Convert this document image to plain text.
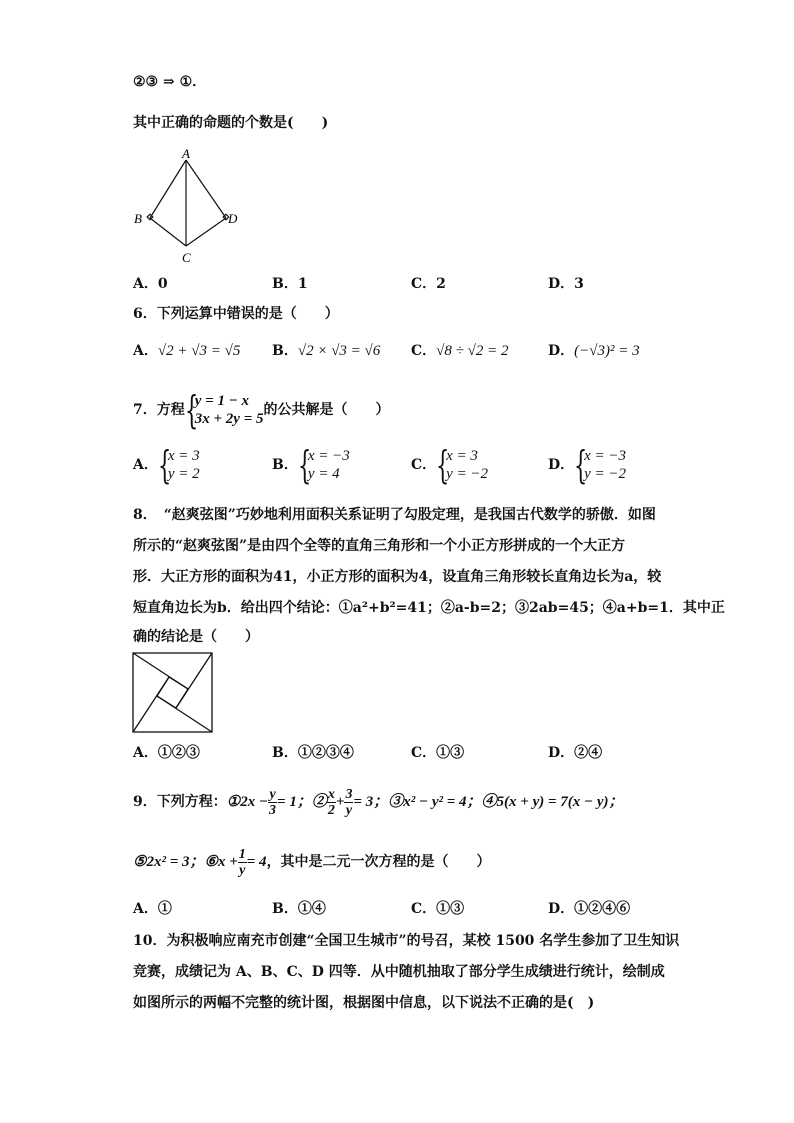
②③ ⇒ ①．
其中正确的命题的个数是(　　)
A
B	D
C
A．0	B．1	C．2	D．3
6．下列运算中错误的是（　　）
A．√2 + √3 = √5 B．√2 × √3 = √6 C．√8 ÷ √2 = 2	D．(−√3)² = 3
7．方程 {
y = 1 − x
3x + 2y = 5
的公共解是（　　）
A． {
x = 3
y = 2
B． {
x = −3
y = 4
C． {
x = 3
y = −2
D． {
x = −3
y = −2
8．　“赵爽弦图”巧妙地利用面积关系证明了勾股定理，是我国古代数学的骄傲．如图
所示的“赵爽弦图”是由四个全等的直角三角形和一个小正方形拼成的一个大正方
形．大正方形的面积为41，小正方形的面积为4，设直角三角形较长直角边长为a，较
短直角边长为b．给出四个结论：①a²+b²=41；②a-b=2；③2ab=45；④a+b=1．其中正
确的结论是（　　）
A．①②③	B．①②③④	C．①③	D．②④
9．下列方程：①2x − $\frac{y}{3} = 1$；② $\frac{x}{2} + \frac{3}{y} = 3$；③x² − y² = 4；④5(x + y) = 7(x − y)；
⑤2x² = 3；⑥x + $\frac{1}{y} = 4$，其中是二元一次方程的是（　　）
A．①	B．①④	C．①③	D．①②④⑥
10．为积极响应南充市创建“全国卫生城市”的号召，某校 1500 名学生参加了卫生知识
竞赛，成绩记为 A、B、C、D 四等．从中随机抽取了部分学生成绩进行统计，绘制成
如图所示的两幅不完整的统计图，根据图中信息，以下说法不正确的是(　)
